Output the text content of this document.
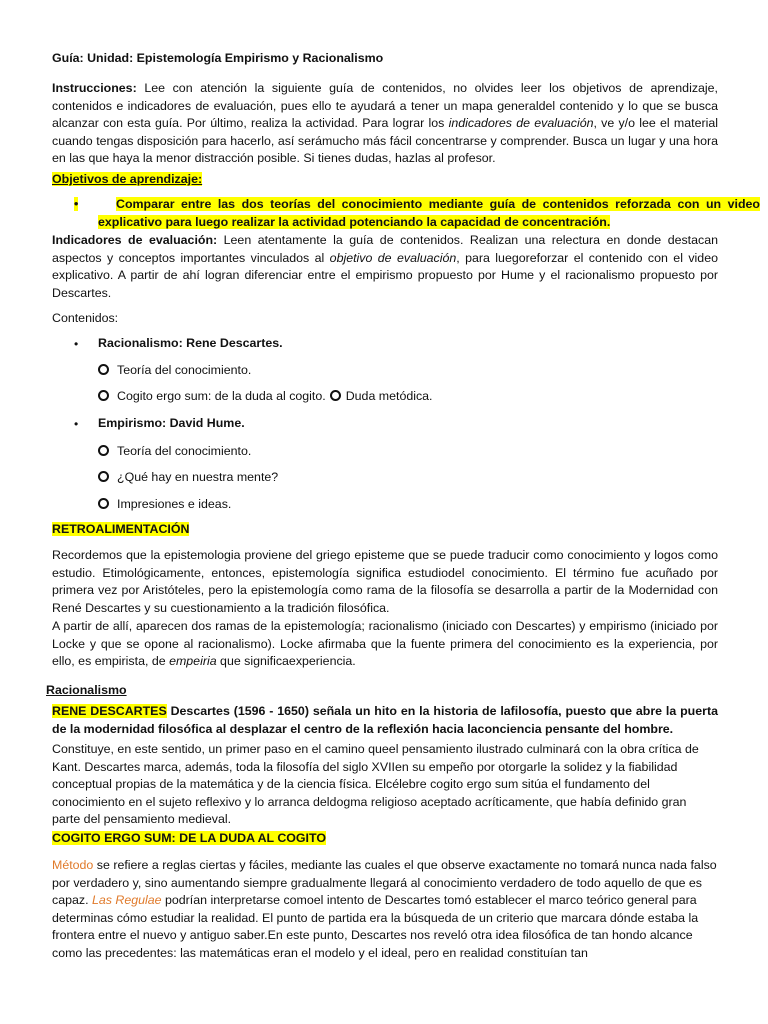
Guía: Unidad: Epistemología Empirismo y Racionalismo

Instrucciones: Lee con atención la siguiente guía de contenidos, no olvides leer los objetivos de aprendizaje, contenidos e indicadores de evaluación, pues ello te ayudará a tener un mapa generaldel contenido y lo que se busca alcanzar con esta guía. Por último, realiza la actividad. Para lograr los indicadores de evaluación, ve y/o lee el material cuando tengas disposición para hacerlo, así serámucho más fácil concentrarse y comprender. Busca un lugar y una hora en las que haya la menor distracción posible. Si tienes dudas, hazlas al profesor.

Objetivos de aprendizaje:

•	Comparar entre las dos teorías del conocimiento mediante guía de contenidos reforzada con un video explicativo para luego realizar la actividad potenciando la capacidad de concentración.

Indicadores de evaluación: Leen atentamente la guía de contenidos. Realizan una relectura en donde destacan aspectos y conceptos importantes vinculados al objetivo de evaluación, para luegoreforzar el contenido con el video explicativo. A partir de ahí logran diferenciar entre el empirismo propuesto por Hume y el racionalismo propuesto por Descartes.

Contenidos:

• Racionalismo: Rene Descartes.

Teoría del conocimiento.

Cogito ergo sum: de la duda al cogito. Duda metódica.

• Empirismo: David Hume.

Teoría del conocimiento.

¿Qué hay en nuestra mente?

Impresiones e ideas.

RETROALIMENTACIÓN

Recordemos que la epistemologia proviene del griego episteme que se puede traducir como conocimiento y logos como estudio. Etimológicamente, entonces, epistemología significa estudiodel conocimiento. El término fue acuñado por primera vez por Aristóteles, pero la epistemología como rama de la filosofía se desarrolla a partir de la Modernidad con René Descartes y su cuestionamiento a la tradición filosófica.

A partir de allí, aparecen dos ramas de la epistemología; racionalismo (iniciado con Descartes) y empirismo (iniciado por Locke y que se opone al racionalismo). Locke afirmaba que la fuente primera del conocimiento es la experiencia, por ello, es empirista, de empeiria que significaexperiencia.

Racionalismo

RENE DESCARTES Descartes (1596 - 1650) señala un hito en la historia de lafilosofía, puesto que abre la puerta de la modernidad filosófica al desplazar el centro de la reflexión hacia laconciencia pensante del hombre.

Constituye, en este sentido, un primer paso en el camino queel pensamiento ilustrado culminará con la obra crítica de Kant. Descartes marca, además, toda la filosofía del siglo XVIIen su empeño por otorgarle la solidez y la fiabilidad conceptual propias de la matemática y de la ciencia física. Elcélebre cogito ergo sum sitúa el fundamento del conocimiento en el sujeto reflexivo y lo arranca deldogma religioso aceptado acríticamente, que había definido gran parte del pensamiento medieval.

COGITO ERGO SUM: DE LA DUDA AL COGITO

Método se refiere a reglas ciertas y fáciles, mediante las cuales el que observe exactamente no tomará nunca nada falso por verdadero y, sino aumentando siempre gradualmente llegará al conocimiento verdadero de todo aquello de que es capaz. Las Regulae podrían interpretarse comoel intento de Descartes tomó establecer el marco teórico general para determinas cómo estudiar la realidad. El punto de partida era la búsqueda de un criterio que marcara dónde estaba la frontera entre el nuevo y antiguo saber.En este punto, Descartes nos reveló otra idea filosófica de tan hondo alcance como las precedentes: las matemáticas eran el modelo y el ideal, pero en realidad constituían tan
